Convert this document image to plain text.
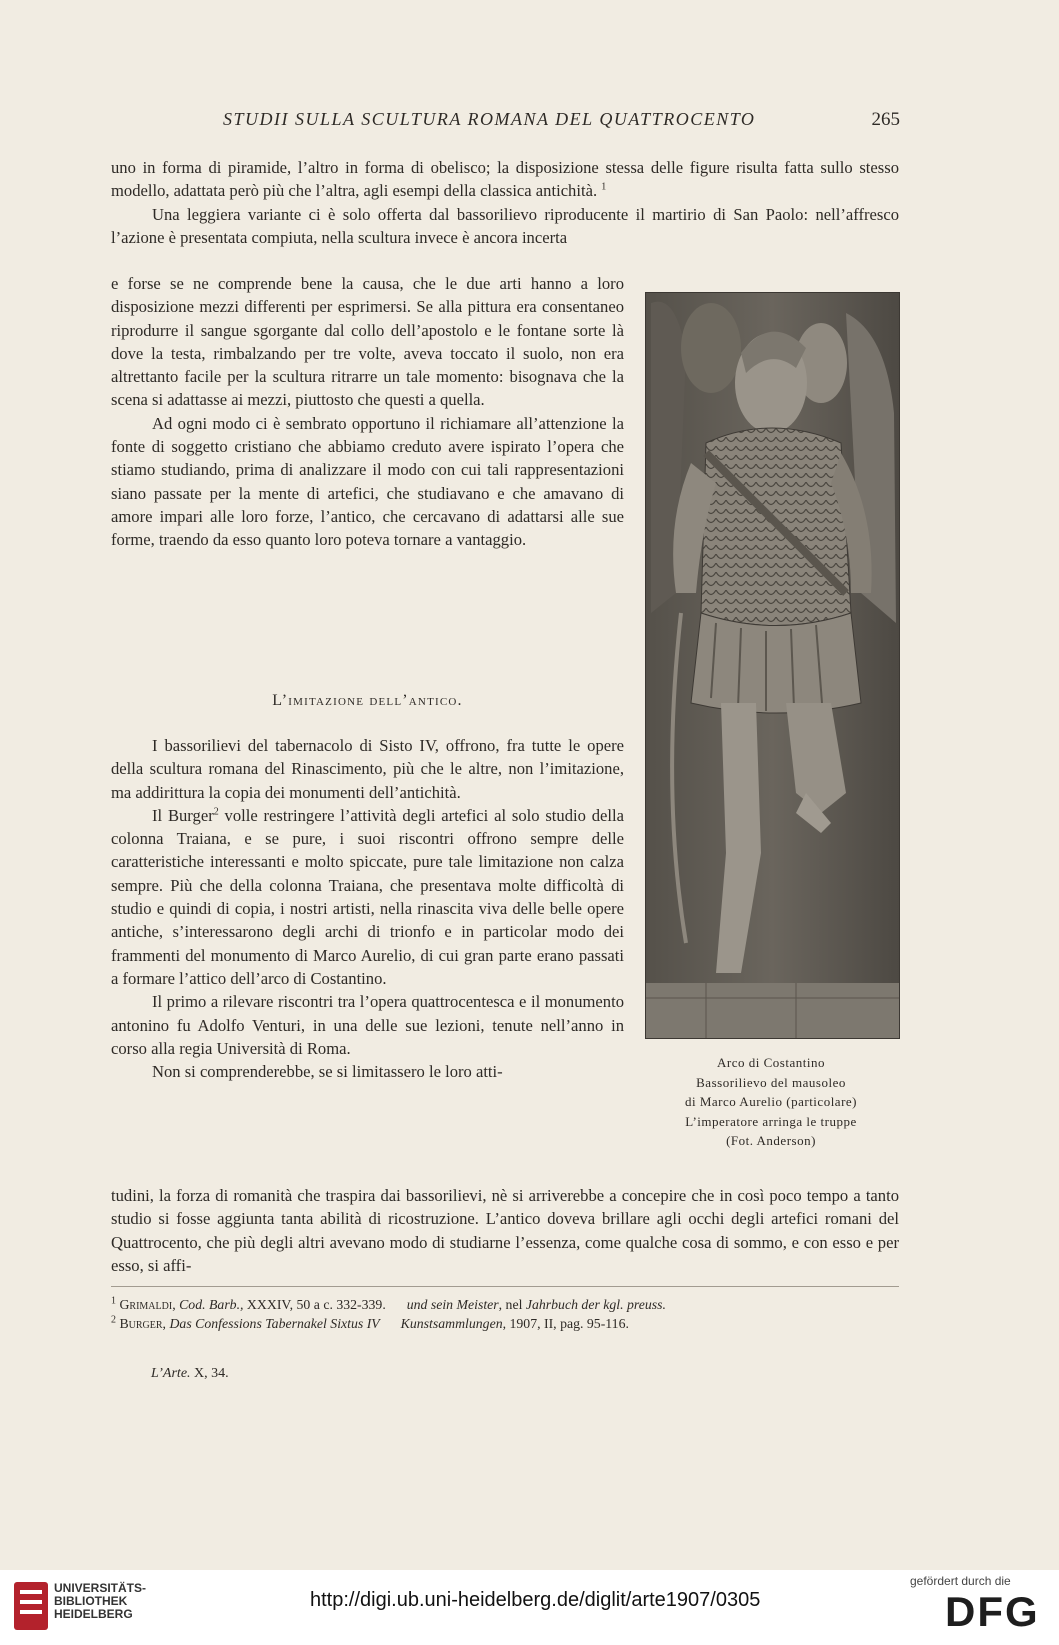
STUDII SULLA SCULTURA ROMANA DEL QUATTROCENTO	265

uno in forma di piramide, l’altro in forma di obelisco; la disposizione stessa delle figure risulta fatta sullo stesso modello, adattata però più che l’altra, agli esempi della classica antichità. $^1$

Una leggiera variante ci è solo offerta dal bassorilievo riproducente il martirio di San Paolo: nell’affresco l’azione è presentata compiuta, nella scultura invece è ancora incerta

e forse se ne comprende bene la causa, che le due arti hanno a loro disposizione mezzi differenti per esprimersi. Se alla pittura era consentaneo riprodurre il sangue sgorgante dal collo dell’apostolo e le fontane sorte là dove la testa, rimbalzando per tre volte, aveva toccato il suolo, non era altrettanto facile per la scultura ritrarre un tale momento: bisognava che la scena si adattasse ai mezzi, piuttosto che questi a quella.

Ad ogni modo ci è sembrato opportuno il richiamare all’attenzione la fonte di soggetto cristiano che abbiamo creduto avere ispirato l’opera che stiamo studiando, prima di analizzare il modo con cui tali rappresentazioni siano passate per la mente di artefici, che studiavano e che amavano di amore impari alle loro forze, l’antico, che cercavano di adattarsi alle sue forme, traendo da esso quanto loro poteva tornare a vantaggio.

L’imitazione dell’antico.

I bassorilievi del tabernacolo di Sisto IV, offrono, fra tutte le opere della scultura romana del Rinascimento, più che le altre, non l’imitazione, ma addirittura la copia dei monumenti dell’antichità.

Il Burger$^2$ volle restringere l’attività degli artefici al solo studio della colonna Traiana, e se pure, i suoi riscontri offrono sempre delle caratteristiche interessanti e molto spiccate, pure tale limitazione non calza sempre. Più che della colonna Traiana, che presentava molte difficoltà di studio e quindi di copia, i nostri artisti, nella rinascita viva delle belle opere antiche, s’interessarono degli archi di trionfo e in particolar modo dei frammenti del monumento di Marco Aurelio, di cui gran parte erano passati a formare l’attico dell’arco di Costantino.

Il primo a rilevare riscontri tra l’opera quattrocentesca e il monumento antonino fu Adolfo Venturi, in una delle sue lezioni, tenute nell’anno in corso alla regia Università di Roma.

Non si comprenderebbe, se si limitassero le loro atti-

tudini, la forza di romanità che traspira dai bassorilievi, nè si arriverebbe a concepire che in così poco tempo a tanto studio si fosse aggiunta tanta abilità di ricostruzione. L’antico doveva brillare agli occhi degli artefici romani del Quattrocento, che più degli altri avevano modo di studiarne l’essenza, come qualche cosa di sommo, e con esso e per esso, si affi-

Arco di Costantino
Bassorilievo del mausoleo
di Marco Aurelio (particolare)
L’imperatore arringa le truppe
(Fot. Anderson)
$^1$ Grimaldi, Cod. Barb., XXXIV, 50 a c. 332-339. und sein Meister, nel Jahrbuch der kgl. preuss.
$^2$ Burger, Das Confessions Tabernakel Sixtus IV Kunstsammlungen, 1907, II, pag. 95-116.
L’Arte. X, 34.
UNIVERSITÄTS-
BIBLIOTHEK
HEIDELBERG
http://digi.ub.uni-heidelberg.de/diglit/arte1907/0305
gefördert durch die
DFG
